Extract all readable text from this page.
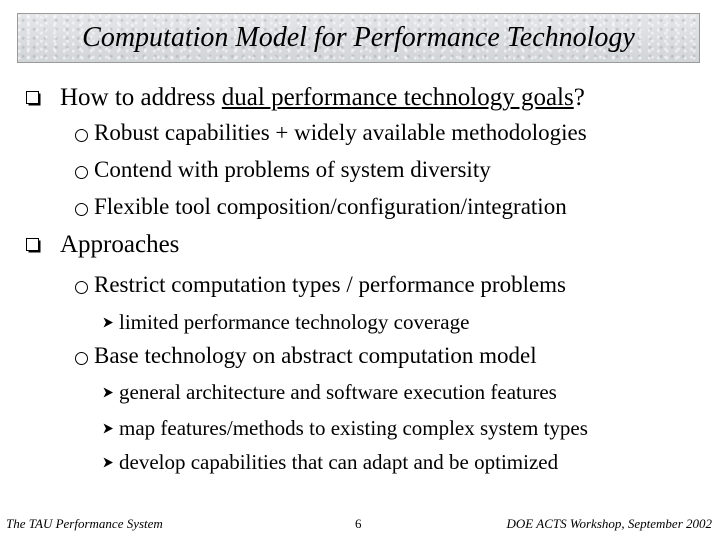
Computation Model for Performance Technology
How to address dual performance technology goals?
Robust capabilities + widely available methodologies
Contend with problems of system diversity
Flexible tool composition/configuration/integration
Approaches
Restrict computation types / performance problems
limited performance technology coverage
Base technology on abstract computation model
general architecture and software execution features
map features/methods to existing complex system types
develop capabilities that can adapt and be optimized
The TAU Performance System	6	DOE ACTS Workshop, September 2002
